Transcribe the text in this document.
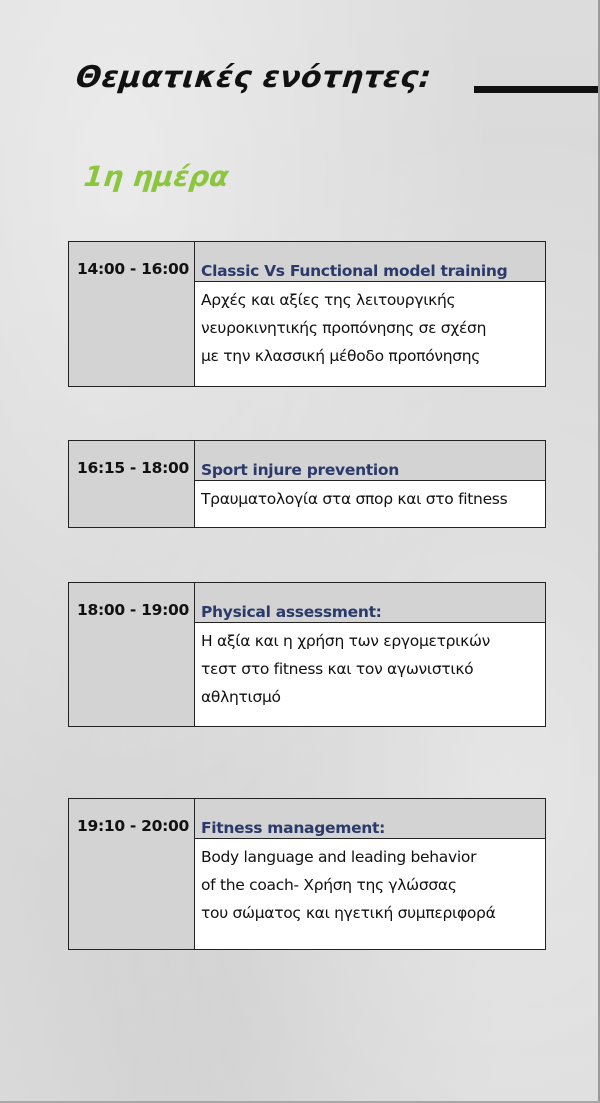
Θεματικές ενότητες:
1η ημέρα
14:00 - 16:00 Classic Vs Functional model training
Αρχές και αξίες της λειτουργικής
νευροκινητικής προπόνησης σε σχέση
με την κλασσική μέθοδο προπόνησης
16:15 - 18:00 Sport injure prevention
Τραυματολογία στα σπορ και στο fitness
18:00 - 19:00 Physical assessment:
Η αξία και η χρήση των εργομετρικών
τεστ στο fitness και τον αγωνιστικό
αθλητισμό
19:10 - 20:00 Fitness management:
Body language and leading behavior
of the coach- Χρήση της γλώσσας
του σώματος και ηγετική συμπεριφορά
